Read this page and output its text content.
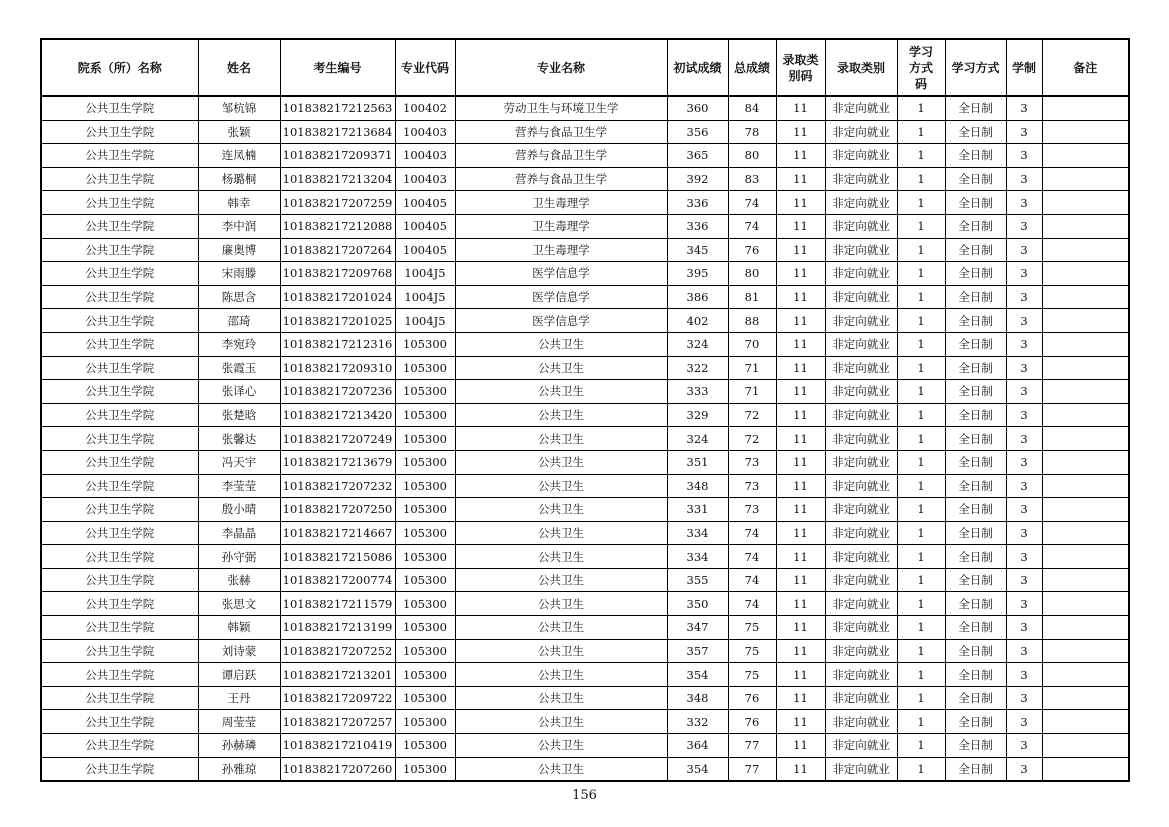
院系（所）名称	姓名	考生编号	专业代码	专业名称	初试成绩	总成绩	录取类别码	录取类别	学习方式码	学习方式	学制	备注
公共卫生学院	邹杭锦	101838217212563	100402	劳动卫生与环境卫生学	360	84	11	非定向就业	1	全日制	3	
公共卫生学院	张颖	101838217213684	100403	营养与食品卫生学	356	78	11	非定向就业	1	全日制	3	
公共卫生学院	连凤楠	101838217209371	100403	营养与食品卫生学	365	80	11	非定向就业	1	全日制	3	
公共卫生学院	杨璐桐	101838217213204	100403	营养与食品卫生学	392	83	11	非定向就业	1	全日制	3	
公共卫生学院	韩幸	101838217207259	100405	卫生毒理学	336	74	11	非定向就业	1	全日制	3	
公共卫生学院	李中润	101838217212088	100405	卫生毒理学	336	74	11	非定向就业	1	全日制	3	
公共卫生学院	廉奥博	101838217207264	100405	卫生毒理学	345	76	11	非定向就业	1	全日制	3	
公共卫生学院	宋雨滕	101838217209768	1004J5	医学信息学	395	80	11	非定向就业	1	全日制	3	
公共卫生学院	陈思含	101838217201024	1004J5	医学信息学	386	81	11	非定向就业	1	全日制	3	
公共卫生学院	邵琦	101838217201025	1004J5	医学信息学	402	88	11	非定向就业	1	全日制	3	
公共卫生学院	李宛玲	101838217212316	105300	公共卫生	324	70	11	非定向就业	1	全日制	3	
公共卫生学院	张霞玉	101838217209310	105300	公共卫生	322	71	11	非定向就业	1	全日制	3	
公共卫生学院	张译心	101838217207236	105300	公共卫生	333	71	11	非定向就业	1	全日制	3	
公共卫生学院	张楚晗	101838217213420	105300	公共卫生	329	72	11	非定向就业	1	全日制	3	
公共卫生学院	张馨达	101838217207249	105300	公共卫生	324	72	11	非定向就业	1	全日制	3	
公共卫生学院	冯天宇	101838217213679	105300	公共卫生	351	73	11	非定向就业	1	全日制	3	
公共卫生学院	李莹莹	101838217207232	105300	公共卫生	348	73	11	非定向就业	1	全日制	3	
公共卫生学院	殷小晴	101838217207250	105300	公共卫生	331	73	11	非定向就业	1	全日制	3	
公共卫生学院	李晶晶	101838217214667	105300	公共卫生	334	74	11	非定向就业	1	全日制	3	
公共卫生学院	孙守弼	101838217215086	105300	公共卫生	334	74	11	非定向就业	1	全日制	3	
公共卫生学院	张赫	101838217200774	105300	公共卫生	355	74	11	非定向就业	1	全日制	3	
公共卫生学院	张思文	101838217211579	105300	公共卫生	350	74	11	非定向就业	1	全日制	3	
公共卫生学院	韩颖	101838217213199	105300	公共卫生	347	75	11	非定向就业	1	全日制	3	
公共卫生学院	刘诗蒙	101838217207252	105300	公共卫生	357	75	11	非定向就业	1	全日制	3	
公共卫生学院	谭启跃	101838217213201	105300	公共卫生	354	75	11	非定向就业	1	全日制	3	
公共卫生学院	王丹	101838217209722	105300	公共卫生	348	76	11	非定向就业	1	全日制	3	
公共卫生学院	周莹莹	101838217207257	105300	公共卫生	332	76	11	非定向就业	1	全日制	3	
公共卫生学院	孙赫璘	101838217210419	105300	公共卫生	364	77	11	非定向就业	1	全日制	3	
公共卫生学院	孙雅琼	101838217207260	105300	公共卫生	354	77	11	非定向就业	1	全日制	3	
156
